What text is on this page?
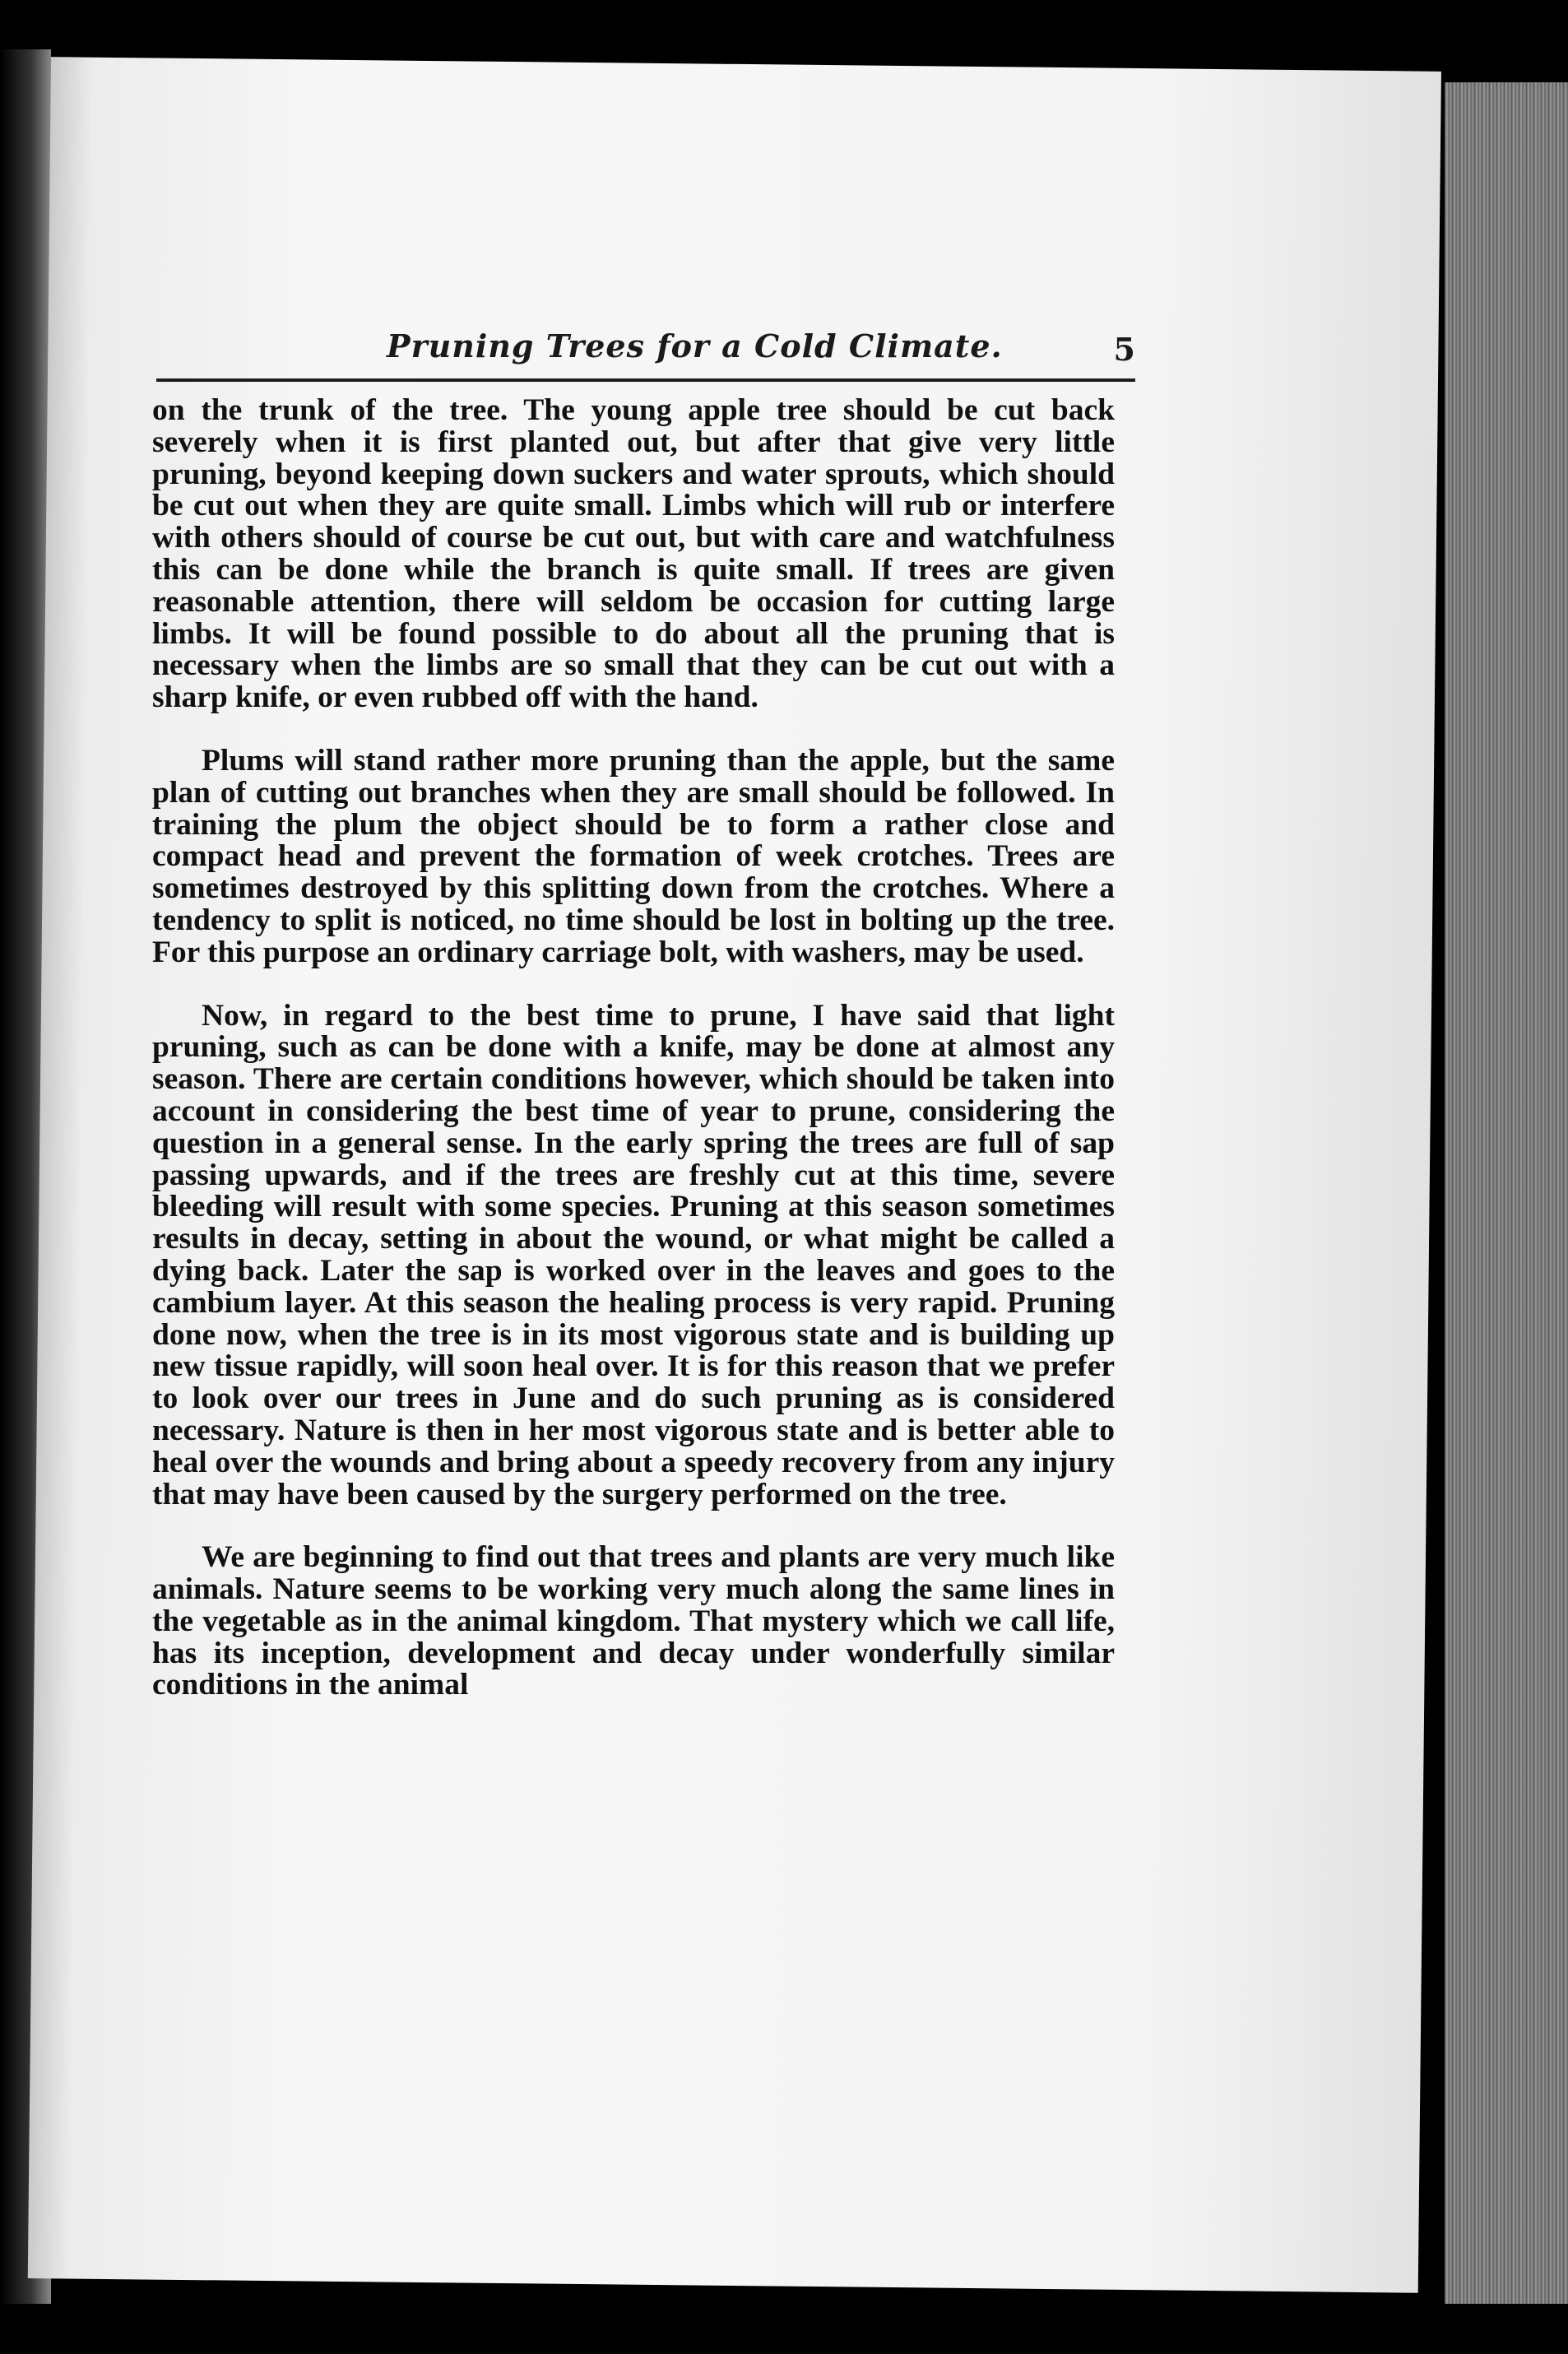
Pruning Trees for a Cold Climate.	5

on the trunk of the tree. The young apple tree should be cut back severely when it is first planted out, but after that give very little pruning, beyond keeping down suckers and water sprouts, which should be cut out when they are quite small. Limbs which will rub or interfere with others should of course be cut out, but with care and watchfulness this can be done while the branch is quite small. If trees are given reasonable attention, there will seldom be occasion for cutting large limbs. It will be found possible to do about all the pruning that is necessary when the limbs are so small that they can be cut out with a sharp knife, or even rubbed off with the hand.

Plums will stand rather more pruning than the apple, but the same plan of cutting out branches when they are small should be followed. In training the plum the object should be to form a rather close and compact head and prevent the formation of week crotches. Trees are sometimes destroyed by this splitting down from the crotches. Where a tendency to split is noticed, no time should be lost in bolting up the tree. For this purpose an ordinary carriage bolt, with washers, may be used.

Now, in regard to the best time to prune, I have said that light pruning, such as can be done with a knife, may be done at almost any season. There are certain conditions however, which should be taken into account in considering the best time of year to prune, considering the question in a general sense. In the early spring the trees are full of sap passing upwards, and if the trees are freshly cut at this time, severe bleeding will result with some species. Pruning at this season sometimes results in decay, setting in about the wound, or what might be called a dying back. Later the sap is worked over in the leaves and goes to the cambium layer. At this season the healing process is very rapid. Pruning done now, when the tree is in its most vigorous state and is building up new tissue rapidly, will soon heal over. It is for this reason that we prefer to look over our trees in June and do such pruning as is considered necessary. Nature is then in her most vigorous state and is better able to heal over the wounds and bring about a speedy recovery from any injury that may have been caused by the surgery performed on the tree.

We are beginning to find out that trees and plants are very much like animals. Nature seems to be working very much along the same lines in the vegetable as in the animal kingdom. That mystery which we call life, has its inception, development and decay under wonderfully similar conditions in the animal
